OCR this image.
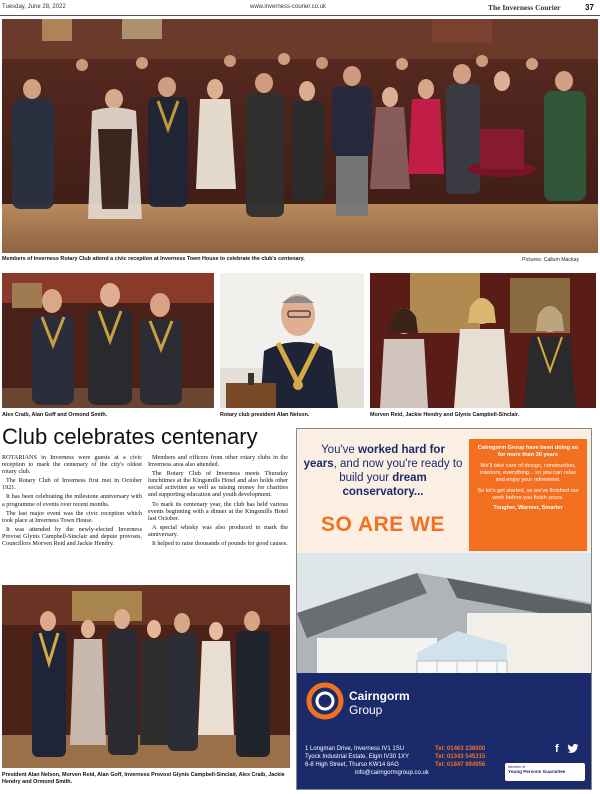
Tuesday, June 28, 2022	www.inverness-courier.co.uk	The Inverness Courier	37
Members of Inverness Rotary Club attend a civic reception at Inverness Town House to celebrate the club's centenary.	Pictures: Callum Mackay
Alex Craib, Alan Goff and Ormond Smith.	Rotary club president Alan Nelson.	Morven Reid, Jackie Hendry and Glynis Campbell-Sinclair.
Club celebrates centenary

ROTARIANS in Inverness were guests at a civic reception to mark the centenary of the city's oldest rotary club.

The Rotary Club of Inverness first met in October 1921.

It has been celebrating the milestone anniversary with a programme of events over recent months.

The last major event was the civic reception which took place at Inverness Town House.

It was attended by the newly-elected Inverness Provost Glynis Campbell-Sinclair and depute provosts, Councillors Morven Reid and Jackie Hendry.

Members and officers from other rotary clubs in the Inverness area also attended.

The Rotary Club of Inverness meets Thursday lunchtimes at the Kingsmills Hotel and also holds other social activities as well as raising money for charities and supporting education and youth development.

To mark its centenary year, the club has held various events beginning with a dinner at the Kingsmills Hotel last October.

A special whisky was also produced to mark the anniversary.

It helped to raise thousands of pounds for good causes.

President Alan Nelson, Morven Reid, Alan Goff, Inverness Provost Glynis Campbell-Sinclair, Alex Craib, Jackie Hendry and Ormond Smith.
You've worked hard for years, and now you're ready to build your dream conservatory...
SO ARE WE
Cairngorm Group have been doing so for more than 30 years
We'll take care of design, construction, interiors, everything... so you can relax and enjoy your retirement.
So let's get started, so we've finished our work before you finish yours.
Tougher, Warmer, Smarter
Cairngorm
Group
1 Longman Drive, Inverness IV1 1SU	Tel: 01463 238000
Tyock Industrial Estate, Elgin IV30 1XY	Tel: 01343 545315
6-8 High Street, Thurso KW14 8AG	Tel: 01847 894956
info@cairngormgroup.co.uk
f
Member of
Young Persons Guarantee
